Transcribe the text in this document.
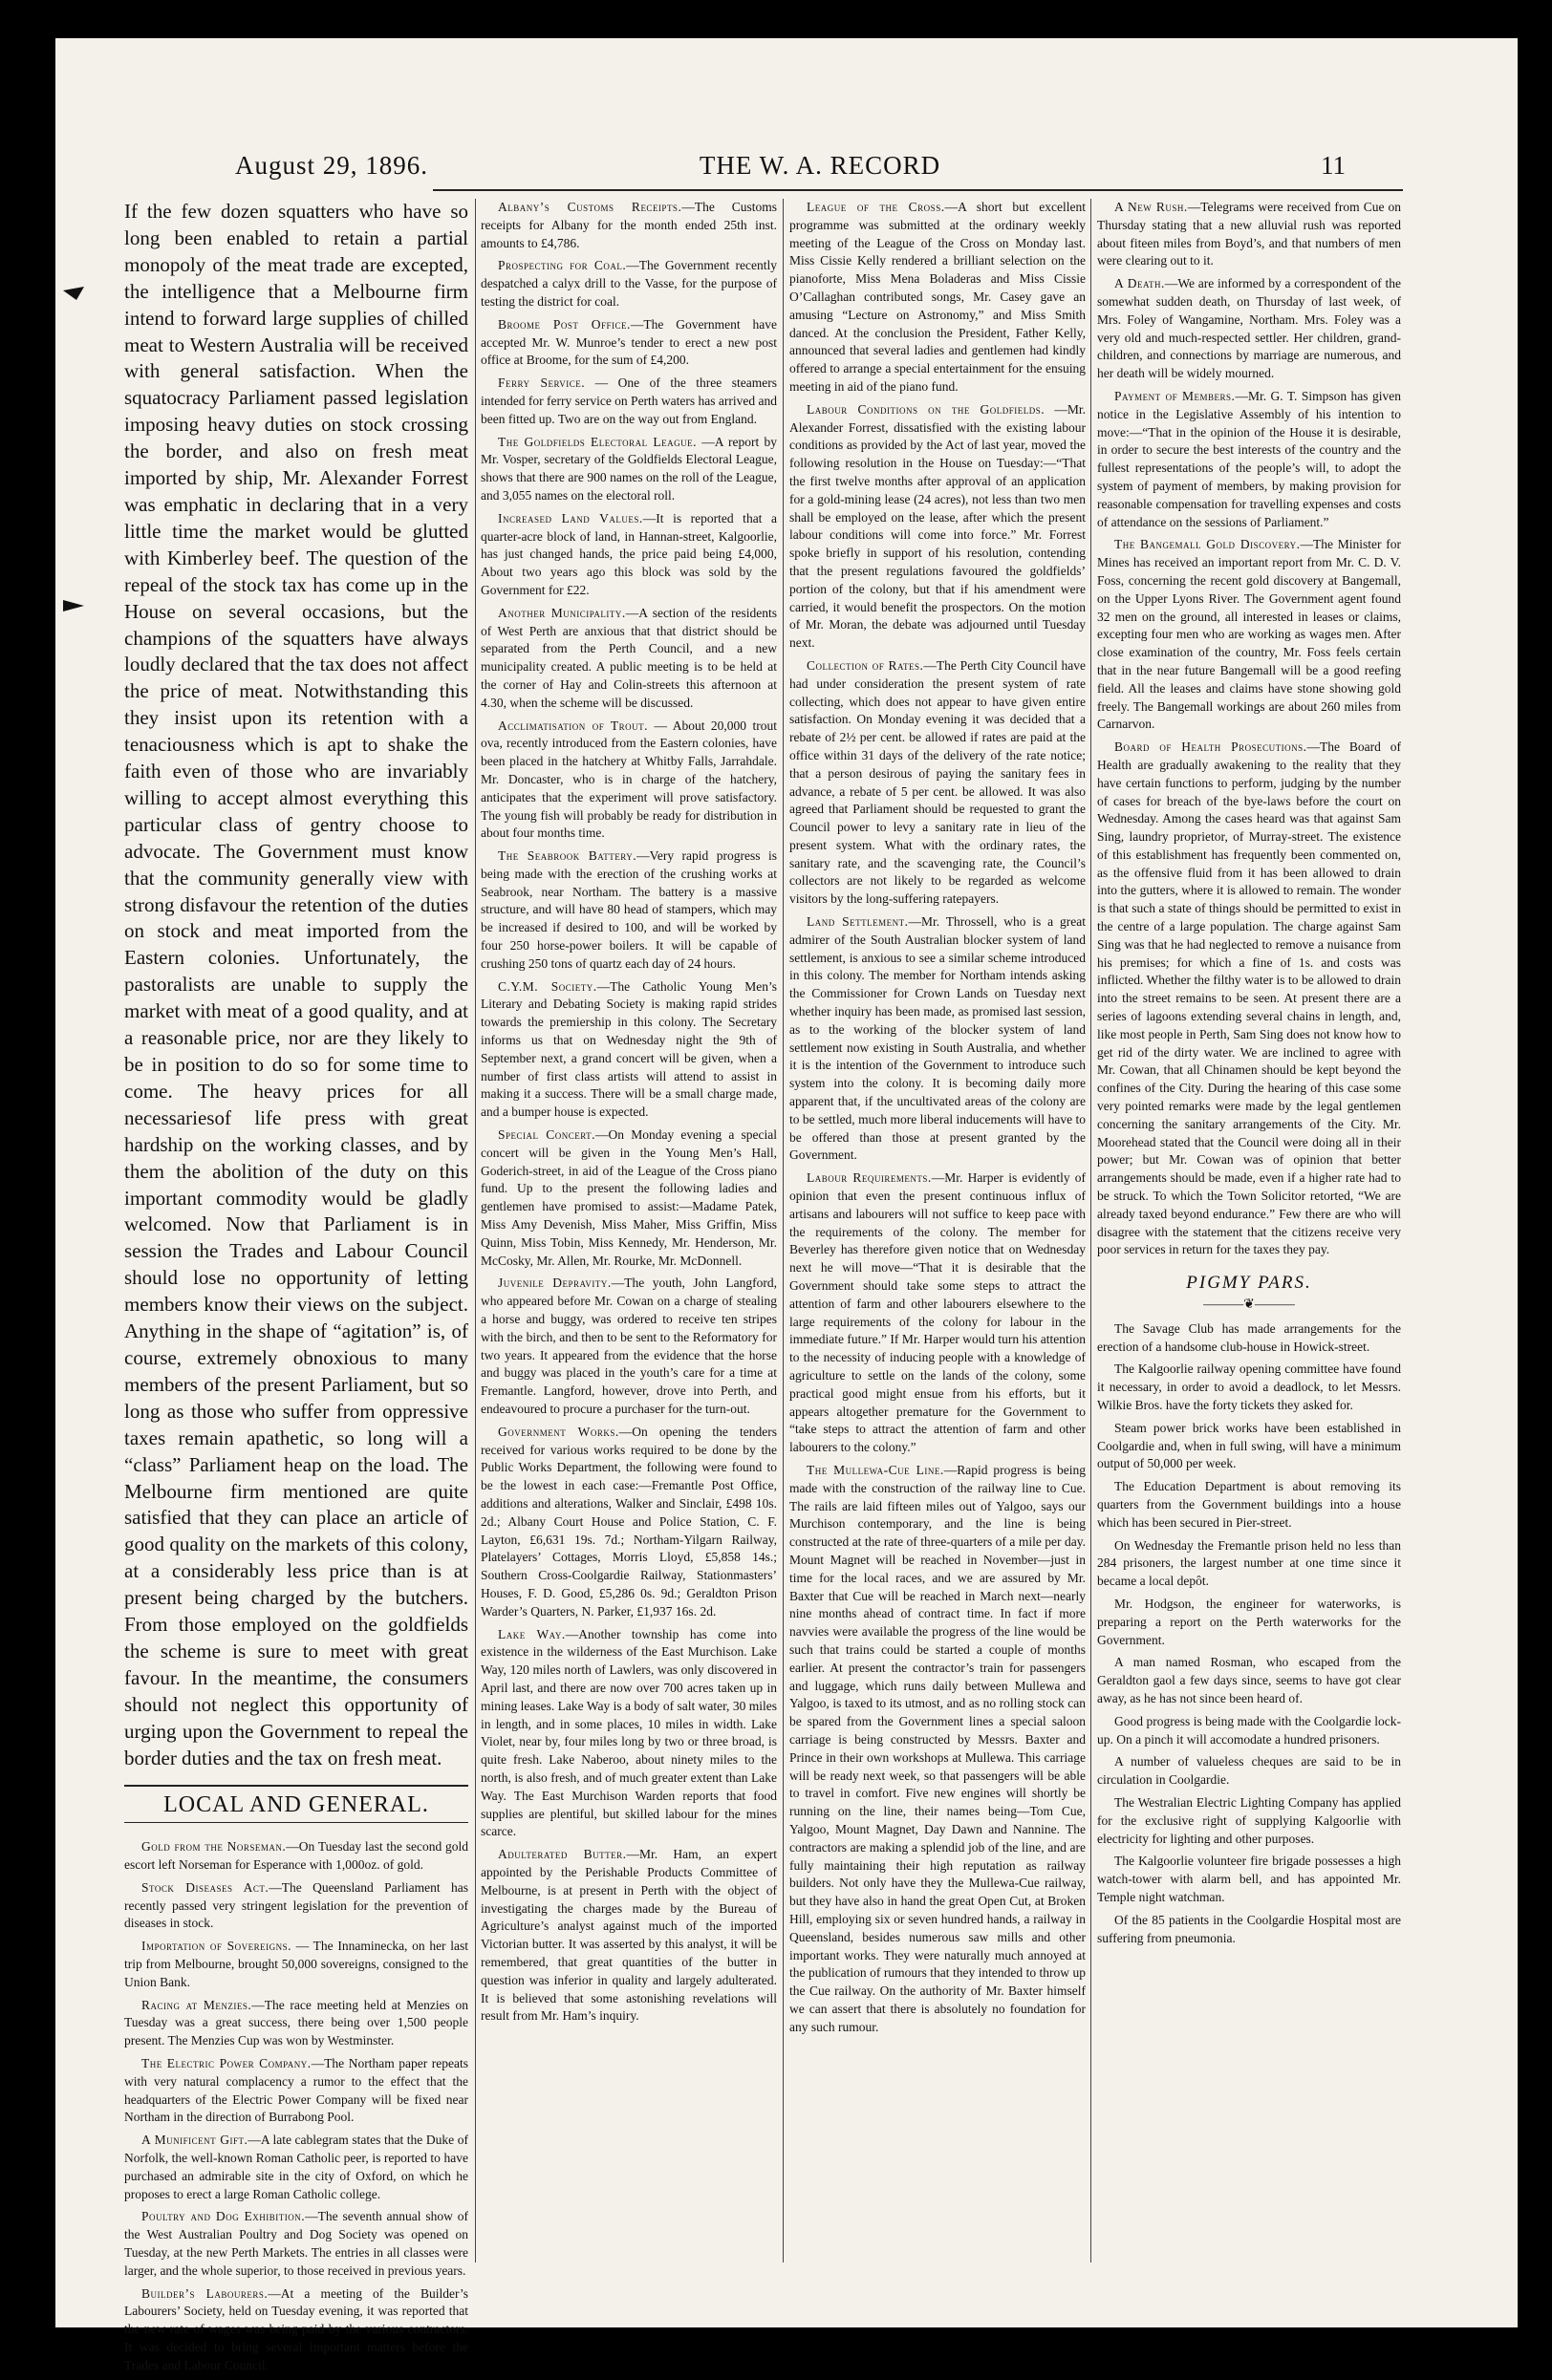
August 29, 1896.	THE W. A. RECORD	11

If the few dozen squatters who have so long been enabled to retain a partial monopoly of the meat trade are excepted, the intelligence that a Melbourne firm intend to forward large supplies of chilled meat to Western Australia will be received with general satisfaction. When the squatocracy Parliament passed legislation imposing heavy duties on stock crossing the border, and also on fresh meat imported by ship, Mr. Alexander Forrest was emphatic in declaring that in a very little time the market would be glutted with Kimberley beef. The question of the repeal of the stock tax has come up in the House on several occasions, but the champions of the squatters have always loudly declared that the tax does not affect the price of meat. Notwithstanding this they insist upon its retention with a tenaciousness which is apt to shake the faith even of those who are invariably willing to accept almost everything this particular class of gentry choose to advocate. The Government must know that the community generally view with strong disfavour the retention of the duties on stock and meat imported from the Eastern colonies. Unfortunately, the pastoralists are unable to supply the market with meat of a good quality, and at a reasonable price, nor are they likely to be in position to do so for some time to come. The heavy prices for all necessariesof life press with great hardship on the working classes, and by them the abolition of the duty on this important commodity would be gladly welcomed. Now that Parliament is in session the Trades and Labour Council should lose no opportunity of letting members know their views on the subject. Anything in the shape of “agitation” is, of course, extremely obnoxious to many members of the present Parliament, but so long as those who suffer from oppressive taxes remain apathetic, so long will a “class” Parliament heap on the load. The Melbourne firm mentioned are quite satisfied that they can place an article of good quality on the markets of this colony, at a considerably less price than is at present being charged by the butchers. From those employed on the goldfields the scheme is sure to meet with great favour. In the meantime, the consumers should not neglect this opportunity of urging upon the Government to repeal the border duties and the tax on fresh meat.

LOCAL AND GENERAL.

Gold from the Norseman.—On Tuesday last the second gold escort left Norseman for Esperance with 1,000oz. of gold.

Stock Diseases Act.—The Queensland Parliament has recently passed very stringent legislation for the prevention of diseases in stock.

Importation of Sovereigns. — The Innaminecka, on her last trip from Melbourne, brought 50,000 sovereigns, consigned to the Union Bank.

Racing at Menzies.—The race meeting held at Menzies on Tuesday was a great success, there being over 1,500 people present. The Menzies Cup was won by Westminster.

The Electric Power Company.—The Northam paper repeats with very natural complacency a rumor to the effect that the headquarters of the Electric Power Company will be fixed near Northam in the direction of Burrabong Pool.

A Munificent Gift.—A late cablegram states that the Duke of Norfolk, the well-known Roman Catholic peer, is reported to have purchased an admirable site in the city of Oxford, on which he proposes to erect a large Roman Catholic college.

Poultry and Dog Exhibition.—The seventh annual show of the West Australian Poultry and Dog Society was opened on Tuesday, at the new Perth Markets. The entries in all classes were larger, and the whole superior, to those received in previous years.

Builder’s Labourers.—At a meeting of the Builder’s Labourers’ Society, held on Tuesday evening, it was reported that the new rate of wages was being paid by the various contractors. It was decided to bring several important matters before the Trades and Labour Council.

Albany’s Customs Receipts.—The Customs receipts for Albany for the month ended 25th inst. amounts to £4,786.

Prospecting for Coal.—The Government recently despatched a calyx drill to the Vasse, for the purpose of testing the district for coal.

Broome Post Office.—The Government have accepted Mr. W. Munroe’s tender to erect a new post office at Broome, for the sum of £4,200.

Ferry Service. — One of the three steamers intended for ferry service on Perth waters has arrived and been fitted up. Two are on the way out from England.

The Goldfields Electoral League. —A report by Mr. Vosper, secretary of the Goldfields Electoral League, shows that there are 900 names on the roll of the League, and 3,055 names on the electoral roll.

Increased Land Values.—It is reported that a quarter-acre block of land, in Hannan-street, Kalgoorlie, has just changed hands, the price paid being £4,000, About two years ago this block was sold by the Government for £22.

Another Municipality.—A section of the residents of West Perth are anxious that that district should be separated from the Perth Council, and a new municipality created. A public meeting is to be held at the corner of Hay and Colin-streets this afternoon at 4.30, when the scheme will be discussed.

Acclimatisation of Trout. — About 20,000 trout ova, recently introduced from the Eastern colonies, have been placed in the hatchery at Whitby Falls, Jarrahdale. Mr. Doncaster, who is in charge of the hatchery, anticipates that the experiment will prove satisfactory. The young fish will probably be ready for distribution in about four months time.

The Seabrook Battery.—Very rapid progress is being made with the erection of the crushing works at Seabrook, near Northam. The battery is a massive structure, and will have 80 head of stampers, which may be increased if desired to 100, and will be worked by four 250 horse-power boilers. It will be capable of crushing 250 tons of quartz each day of 24 hours.

C.Y.M. Society.—The Catholic Young Men’s Literary and Debating Society is making rapid strides towards the premiership in this colony. The Secretary informs us that on Wednesday night the 9th of September next, a grand concert will be given, when a number of first class artists will attend to assist in making it a success. There will be a small charge made, and a bumper house is expected.

Special Concert.—On Monday evening a special concert will be given in the Young Men’s Hall, Goderich-street, in aid of the League of the Cross piano fund. Up to the present the following ladies and gentlemen have promised to assist:—Madame Patek, Miss Amy Devenish, Miss Maher, Miss Griffin, Miss Quinn, Miss Tobin, Miss Kennedy, Mr. Henderson, Mr. McCosky, Mr. Allen, Mr. Rourke, Mr. McDonnell.

Juvenile Depravity.—The youth, John Langford, who appeared before Mr. Cowan on a charge of stealing a horse and buggy, was ordered to receive ten stripes with the birch, and then to be sent to the Reformatory for two years. It appeared from the evidence that the horse and buggy was placed in the youth’s care for a time at Fremantle. Langford, however, drove into Perth, and endeavoured to procure a purchaser for the turn-out.

Government Works.—On opening the tenders received for various works required to be done by the Public Works Department, the following were found to be the lowest in each case:—Fremantle Post Office, additions and alterations, Walker and Sinclair, £498 10s. 2d.; Albany Court House and Police Station, C. F. Layton, £6,631 19s. 7d.; Northam-Yilgarn Railway, Platelayers’ Cottages, Morris Lloyd, £5,858 14s.; Southern Cross-Coolgardie Railway, Stationmasters’ Houses, F. D. Good, £5,286 0s. 9d.; Geraldton Prison Warder’s Quarters, N. Parker, £1,937 16s. 2d.

Lake Way.—Another township has come into existence in the wilderness of the East Murchison. Lake Way, 120 miles north of Lawlers, was only discovered in April last, and there are now over 700 acres taken up in mining leases. Lake Way is a body of salt water, 30 miles in length, and in some places, 10 miles in width. Lake Violet, near by, four miles long by two or three broad, is quite fresh. Lake Naberoo, about ninety miles to the north, is also fresh, and of much greater extent than Lake Way. The East Murchison Warden reports that food supplies are plentiful, but skilled labour for the mines scarce.

Adulterated Butter.—Mr. Ham, an expert appointed by the Perishable Products Committee of Melbourne, is at present in Perth with the object of investigating the charges made by the Bureau of Agriculture’s analyst against much of the imported Victorian butter. It was asserted by this analyst, it will be remembered, that great quantities of the butter in question was inferior in quality and largely adulterated. It is believed that some astonishing revelations will result from Mr. Ham’s inquiry.

League of the Cross.—A short but excellent programme was submitted at the ordinary weekly meeting of the League of the Cross on Monday last. Miss Cissie Kelly rendered a brilliant selection on the pianoforte, Miss Mena Boladeras and Miss Cissie O’Callaghan contributed songs, Mr. Casey gave an amusing “Lecture on Astronomy,” and Miss Smith danced. At the conclusion the President, Father Kelly, announced that several ladies and gentlemen had kindly offered to arrange a special entertainment for the ensuing meeting in aid of the piano fund.

Labour Conditions on the Goldfields. —Mr. Alexander Forrest, dissatisfied with the existing labour conditions as provided by the Act of last year, moved the following resolution in the House on Tuesday:—“That the first twelve months after approval of an application for a gold-mining lease (24 acres), not less than two men shall be employed on the lease, after which the present labour conditions will come into force.” Mr. Forrest spoke briefly in support of his resolution, contending that the present regulations favoured the goldfields’ portion of the colony, but that if his amendment were carried, it would benefit the prospectors. On the motion of Mr. Moran, the debate was adjourned until Tuesday next.

Collection of Rates.—The Perth City Council have had under consideration the present system of rate collecting, which does not appear to have given entire satisfaction. On Monday evening it was decided that a rebate of 2½ per cent. be allowed if rates are paid at the office within 31 days of the delivery of the rate notice; that a person desirous of paying the sanitary fees in advance, a rebate of 5 per cent. be allowed. It was also agreed that Parliament should be requested to grant the Council power to levy a sanitary rate in lieu of the present system. What with the ordinary rates, the sanitary rate, and the scavenging rate, the Council’s collectors are not likely to be regarded as welcome visitors by the long-suffering ratepayers.

Land Settlement.—Mr. Throssell, who is a great admirer of the South Australian blocker system of land settlement, is anxious to see a similar scheme introduced in this colony. The member for Northam intends asking the Commissioner for Crown Lands on Tuesday next whether inquiry has been made, as promised last session, as to the working of the blocker system of land settlement now existing in South Australia, and whether it is the intention of the Government to introduce such system into the colony. It is becoming daily more apparent that, if the uncultivated areas of the colony are to be settled, much more liberal inducements will have to be offered than those at present granted by the Government.

Labour Requirements.—Mr. Harper is evidently of opinion that even the present continuous influx of artisans and labourers will not suffice to keep pace with the requirements of the colony. The member for Beverley has therefore given notice that on Wednesday next he will move—“That it is desirable that the Government should take some steps to attract the attention of farm and other labourers elsewhere to the large requirements of the colony for labour in the immediate future.” If Mr. Harper would turn his attention to the necessity of inducing people with a knowledge of agriculture to settle on the lands of the colony, some practical good might ensue from his efforts, but it appears altogether premature for the Government to “take steps to attract the attention of farm and other labourers to the colony.”

The Mullewa-Cue Line.—Rapid progress is being made with the construction of the railway line to Cue. The rails are laid fifteen miles out of Yalgoo, says our Murchison contemporary, and the line is being constructed at the rate of three-quarters of a mile per day. Mount Magnet will be reached in November—just in time for the local races, and we are assured by Mr. Baxter that Cue will be reached in March next—nearly nine months ahead of contract time. In fact if more navvies were available the progress of the line would be such that trains could be started a couple of months earlier. At present the contractor’s train for passengers and luggage, which runs daily between Mullewa and Yalgoo, is taxed to its utmost, and as no rolling stock can be spared from the Government lines a special saloon carriage is being constructed by Messrs. Baxter and Prince in their own workshops at Mullewa. This carriage will be ready next week, so that passengers will be able to travel in comfort. Five new engines will shortly be running on the line, their names being—Tom Cue, Yalgoo, Mount Magnet, Day Dawn and Nannine. The contractors are making a splendid job of the line, and are fully maintaining their high reputation as railway builders. Not only have they the Mullewa-Cue railway, but they have also in hand the great Open Cut, at Broken Hill, employing six or seven hundred hands, a railway in Queensland, besides numerous saw mills and other important works. They were naturally much annoyed at the publication of rumours that they intended to throw up the Cue railway. On the authority of Mr. Baxter himself we can assert that there is absolutely no foundation for any such rumour.

A New Rush.—Telegrams were received from Cue on Thursday stating that a new alluvial rush was reported about fiteen miles from Boyd’s, and that numbers of men were clearing out to it.

A Death.—We are informed by a correspondent of the somewhat sudden death, on Thursday of last week, of Mrs. Foley of Wangamine, Northam. Mrs. Foley was a very old and much-respected settler. Her children, grand-children, and connections by marriage are numerous, and her death will be widely mourned.

Payment of Members.—Mr. G. T. Simpson has given notice in the Legislative Assembly of his intention to move:—“That in the opinion of the House it is desirable, in order to secure the best interests of the country and the fullest representations of the people’s will, to adopt the system of payment of members, by making provision for reasonable compensation for travelling expenses and costs of attendance on the sessions of Parliament.”

The Bangemall Gold Discovery.—The Minister for Mines has received an important report from Mr. C. D. V. Foss, concerning the recent gold discovery at Bangemall, on the Upper Lyons River. The Government agent found 32 men on the ground, all interested in leases or claims, excepting four men who are working as wages men. After close examination of the country, Mr. Foss feels certain that in the near future Bangemall will be a good reefing field. All the leases and claims have stone showing gold freely. The Bangemall workings are about 260 miles from Carnarvon.

Board of Health Prosecutions.—The Board of Health are gradually awakening to the reality that they have certain functions to perform, judging by the number of cases for breach of the bye-laws before the court on Wednesday. Among the cases heard was that against Sam Sing, laundry proprietor, of Murray-street. The existence of this establishment has frequently been commented on, as the offensive fluid from it has been allowed to drain into the gutters, where it is allowed to remain. The wonder is that such a state of things should be permitted to exist in the centre of a large population. The charge against Sam Sing was that he had neglected to remove a nuisance from his premises; for which a fine of 1s. and costs was inflicted. Whether the filthy water is to be allowed to drain into the street remains to be seen. At present there are a series of lagoons extending several chains in length, and, like most people in Perth, Sam Sing does not know how to get rid of the dirty water. We are inclined to agree with Mr. Cowan, that all Chinamen should be kept beyond the confines of the City. During the hearing of this case some very pointed remarks were made by the legal gentlemen concerning the sanitary arrangements of the City. Mr. Moorehead stated that the Council were doing all in their power; but Mr. Cowan was of opinion that better arrangements should be made, even if a higher rate had to be struck. To which the Town Solicitor retorted, “We are already taxed beyond endurance.” Few there are who will disagree with the statement that the citizens receive very poor services in return for the taxes they pay.

PIGMY PARS.
———❦———

The Savage Club has made arrangements for the erection of a handsome club-house in Howick-street.

The Kalgoorlie railway opening committee have found it necessary, in order to avoid a deadlock, to let Messrs. Wilkie Bros. have the forty tickets they asked for.

Steam power brick works have been established in Coolgardie and, when in full swing, will have a minimum output of 50,000 per week.

The Education Department is about removing its quarters from the Government buildings into a house which has been secured in Pier-street.

On Wednesday the Fremantle prison held no less than 284 prisoners, the largest number at one time since it became a local depôt.

Mr. Hodgson, the engineer for waterworks, is preparing a report on the Perth waterworks for the Government.

A man named Rosman, who escaped from the Geraldton gaol a few days since, seems to have got clear away, as he has not since been heard of.

Good progress is being made with the Coolgardie lock-up. On a pinch it will accomodate a hundred prisoners.

A number of valueless cheques are said to be in circulation in Coolgardie.

The Westralian Electric Lighting Company has applied for the exclusive right of supplying Kalgoorlie with electricity for lighting and other purposes.

The Kalgoorlie volunteer fire brigade possesses a high watch-tower with alarm bell, and has appointed Mr. Temple night watchman.

Of the 85 patients in the Coolgardie Hospital most are suffering from pneumonia.
